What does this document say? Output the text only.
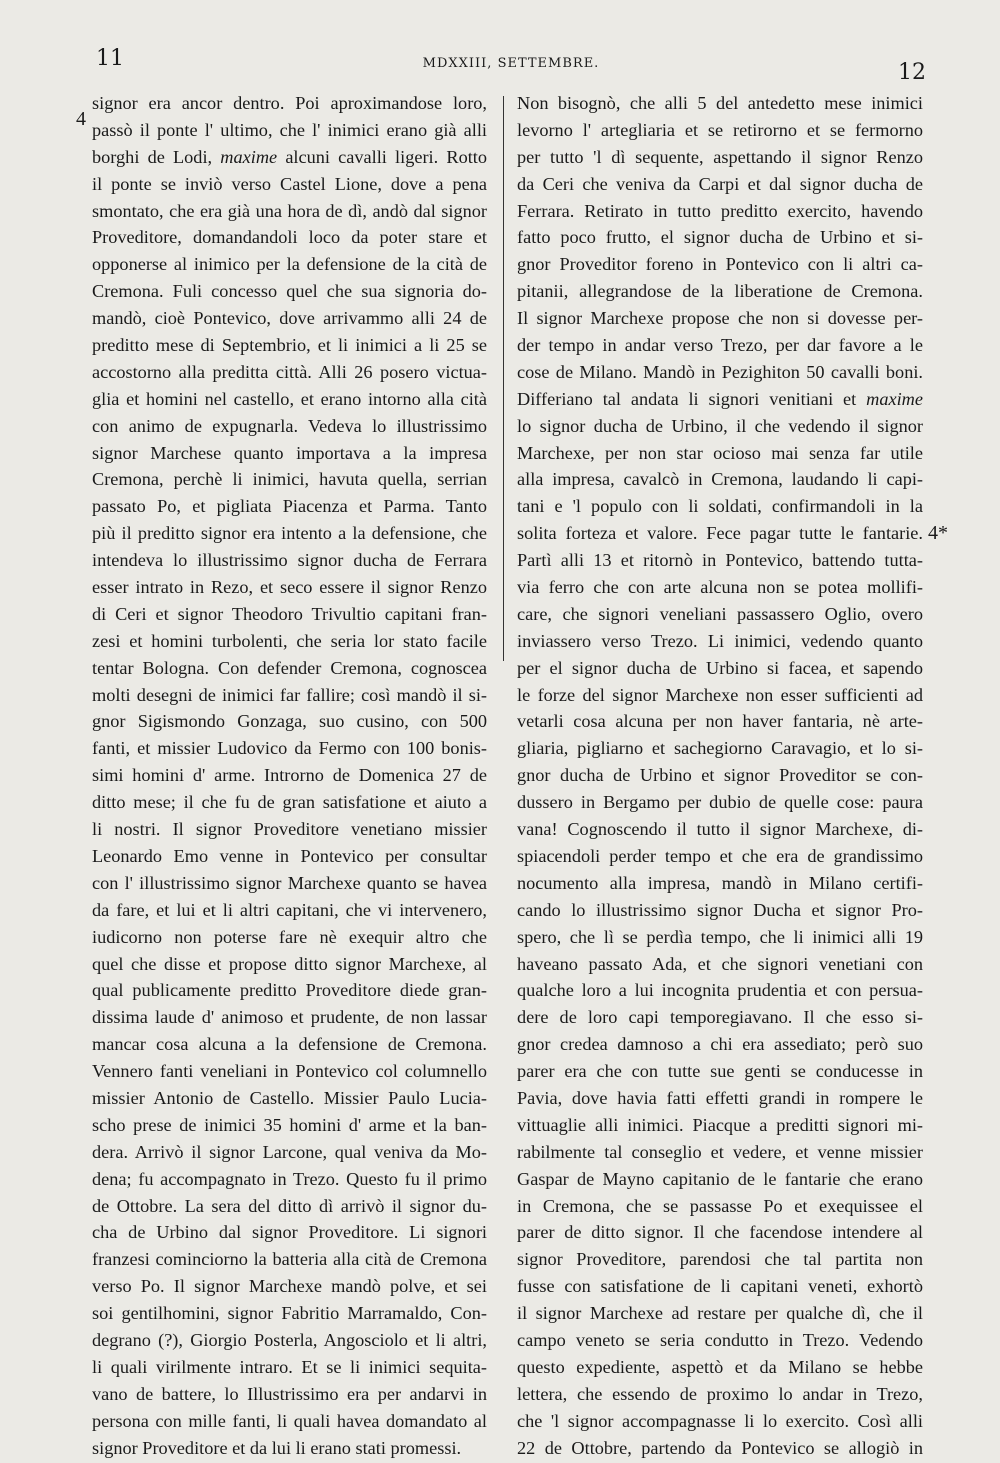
11	MDXXIII, SETTEMBRE.	12
4
4*
signor era ancor dentro. Poi aproximandose loro,
passò il ponte l' ultimo, che l' inimici erano già alli
borghi de Lodi, maxime alcuni cavalli ligeri. Rotto
il ponte se inviò verso Castel Lione, dove a pena
smontato, che era già una hora de dì, andò dal signor
Proveditore, domandandoli loco da poter stare et
opponerse al inimico per la defensione de la cità de
Cremona. Fuli concesso quel che sua signoria do-
mandò, cioè Pontevico, dove arrivammo alli 24 de
preditto mese di Septembrio, et li inimici a li 25 se
accostorno alla preditta città. Alli 26 posero victua-
glia et homini nel castello, et erano intorno alla cità
con animo de expugnarla. Vedeva lo illustrissimo
signor Marchese quanto importava a la impresa
Cremona, perchè li inimici, havuta quella, serrian
passato Po, et pigliata Piacenza et Parma. Tanto
più il preditto signor era intento a la defensione, che
intendeva lo illustrissimo signor ducha de Ferrara
esser intrato in Rezo, et seco essere il signor Renzo
di Ceri et signor Theodoro Trivultio capitani fran-
zesi et homini turbolenti, che seria lor stato facile
tentar Bologna. Con defender Cremona, cognoscea
molti desegni de inimici far fallire; così mandò il si-
gnor Sigismondo Gonzaga, suo cusino, con 500
fanti, et missier Ludovico da Fermo con 100 bonis-
simi homini d' arme. Introrno de Domenica 27 de
ditto mese; il che fu de gran satisfatione et aiuto a
li nostri. Il signor Proveditore venetiano missier
Leonardo Emo venne in Pontevico per consultar
con l' illustrissimo signor Marchexe quanto se havea
da fare, et lui et li altri capitani, che vi intervenero,
iudicorno non poterse fare nè exequir altro che
quel che disse et propose ditto signor Marchexe, al
qual publicamente preditto Proveditore diede gran-
dissima laude d' animoso et prudente, de non lassar
mancar cosa alcuna a la defensione de Cremona.
Vennero fanti veneliani in Pontevico col columnello
missier Antonio de Castello. Missier Paulo Lucia-
scho prese de inimici 35 homini d' arme et la ban-
dera. Arrivò il signor Larcone, qual veniva da Mo-
dena; fu accompagnato in Trezo. Questo fu il primo
de Ottobre. La sera del ditto dì arrivò il signor du-
cha de Urbino dal signor Proveditore. Li signori
franzesi cominciorno la batteria alla cità de Cremona
verso Po. Il signor Marchexe mandò polve, et sei
soi gentilhomini, signor Fabritio Marramaldo, Con-
degrano (?), Giorgio Posterla, Angosciolo et li altri,
li quali virilmente intraro. Et se li inimici sequita-
vano de battere, lo Illustrissimo era per andarvi in
persona con mille fanti, li quali havea domandato al
signor Proveditore et da lui li erano stati promessi.
Non bisognò, che alli 5 del antedetto mese inimici
levorno l' artegliaria et se retirorno et se fermorno
per tutto 'l dì sequente, aspettando il signor Renzo
da Ceri che veniva da Carpi et dal signor ducha de
Ferrara. Retirato in tutto preditto exercito, havendo
fatto poco frutto, el signor ducha de Urbino et si-
gnor Proveditor foreno in Pontevico con li altri ca-
pitanii, allegrandose de la liberatione de Cremona.
Il signor Marchexe propose che non si dovesse per-
der tempo in andar verso Trezo, per dar favore a le
cose de Milano. Mandò in Pezighiton 50 cavalli boni.
Differiano tal andata li signori venitiani et maxime
lo signor ducha de Urbino, il che vedendo il signor
Marchexe, per non star ocioso mai senza far utile
alla impresa, cavalcò in Cremona, laudando li capi-
tani e 'l populo con li soldati, confirmandoli in la
solita forteza et valore. Fece pagar tutte le fantarie.
Partì alli 13 et ritornò in Pontevico, battendo tutta-
via ferro che con arte alcuna non se potea mollifi-
care, che signori veneliani passassero Oglio, overo
inviassero verso Trezo. Li inimici, vedendo quanto
per el signor ducha de Urbino si facea, et sapendo
le forze del signor Marchexe non esser sufficienti ad
vetarli cosa alcuna per non haver fantaria, nè arte-
gliaria, pigliarno et sachegiorno Caravagio, et lo si-
gnor ducha de Urbino et signor Proveditor se con-
dussero in Bergamo per dubio de quelle cose: paura
vana! Cognoscendo il tutto il signor Marchexe, di-
spiacendoli perder tempo et che era de grandissimo
nocumento alla impresa, mandò in Milano certifi-
cando lo illustrissimo signor Ducha et signor Pro-
spero, che lì se perdìa tempo, che li inimici alli 19
haveano passato Ada, et che signori venetiani con
qualche loro a lui incognita prudentia et con persua-
dere de loro capi temporegiavano. Il che esso si-
gnor credea damnoso a chi era assediato; però suo
parer era che con tutte sue genti se conducesse in
Pavia, dove havia fatti effetti grandi in rompere le
vittuaglie alli inimici. Piacque a preditti signori mi-
rabilmente tal conseglio et vedere, et venne missier
Gaspar de Mayno capitanio de le fantarie che erano
in Cremona, che se passasse Po et exequissee el
parer de ditto signor. Il che facendose intendere al
signor Proveditore, parendosi che tal partita non
fusse con satisfatione de li capitani veneti, exhortò
il signor Marchexe ad restare per qualche dì, che il
campo veneto se seria condutto in Trezo. Vedendo
questo expediente, aspettò et da Milano se hebbe
lettera, che essendo de proximo lo andar in Trezo,
che 'l signor accompagnasse li lo exercito. Così alli
22 de Ottobre, partendo da Pontevico se allogiò in
